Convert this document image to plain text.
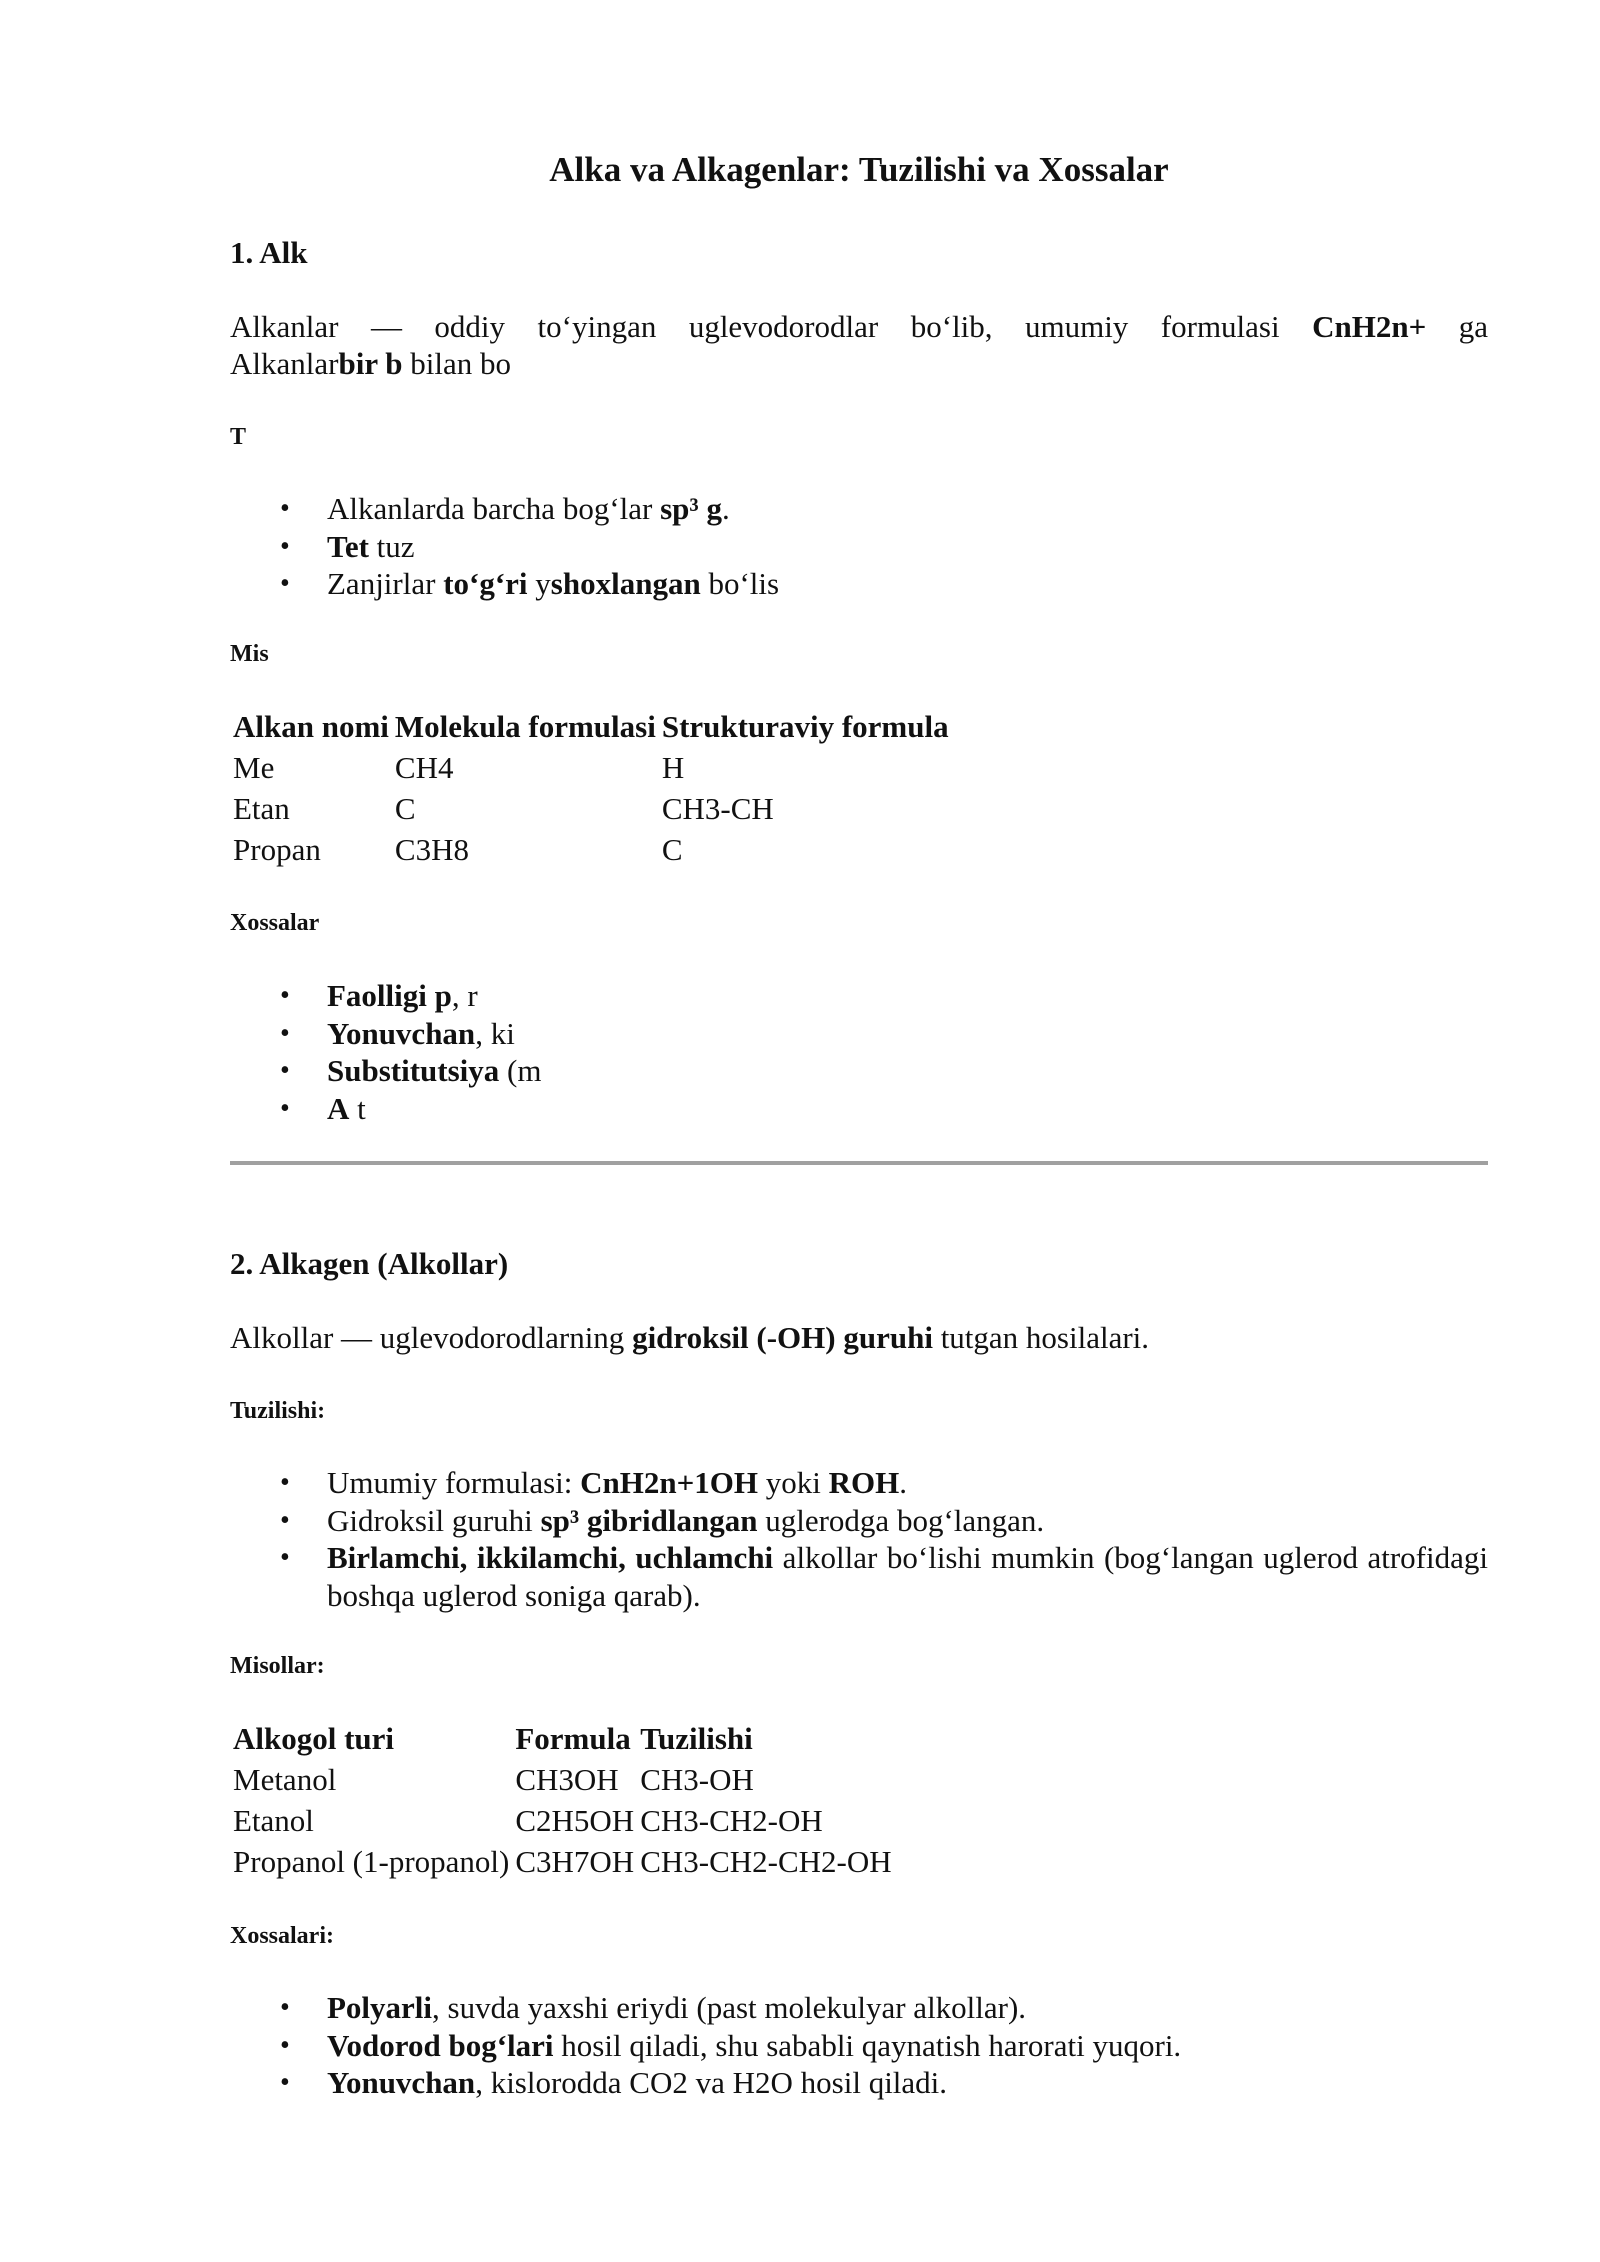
Alka va Alkagenlar: Tuzilishi va Xossalar
1. Alk
Alkanlar — oddiy to‘yingan uglevodorodlar bo‘lib, umumiy formulasi CnH2n+ ga
Alkanlarbir b bilan bo
T
• Alkanlarda barcha bog‘lar sp³ g.
• Tet tuz
• Zanjirlar to‘g‘ri yshoxlangan bo‘lis
Mis
Alkan nomi	Molekula formulasi	Strukturaviy formula
Me	CH4	H
Etan	C	CH3-CH
Propan	C3H8	C
Xossalar
• Faolligi p, r
• Yonuvchan, ki
• Substitutsiya (m
• A t
2. Alkagen (Alkollar)
Alkollar — uglevodorodlarning gidroksil (-OH) guruhi tutgan hosilalari.
Tuzilishi:
• Umumiy formulasi: CnH2n+1OH yoki ROH.
• Gidroksil guruhi sp³ gibridlangan uglerodga bog‘langan.
• Birlamchi, ikkilamchi, uchlamchi alkollar bo‘lishi mumkin (bog‘langan uglerod atrofidagi boshqa uglerod soniga qarab).
Misollar:
Alkogol turi	Formula	Tuzilishi
Metanol	CH3OH	CH3-OH
Etanol	C2H5OH	CH3-CH2-OH
Propanol (1-propanol)	C3H7OH	CH3-CH2-CH2-OH
Xossalari:
• Polyarli, suvda yaxshi eriydi (past molekulyar alkollar).
• Vodorod bog‘lari hosil qiladi, shu sababli qaynatish harorati yuqori.
• Yonuvchan, kislorodda CO2 va H2O hosil qiladi.
